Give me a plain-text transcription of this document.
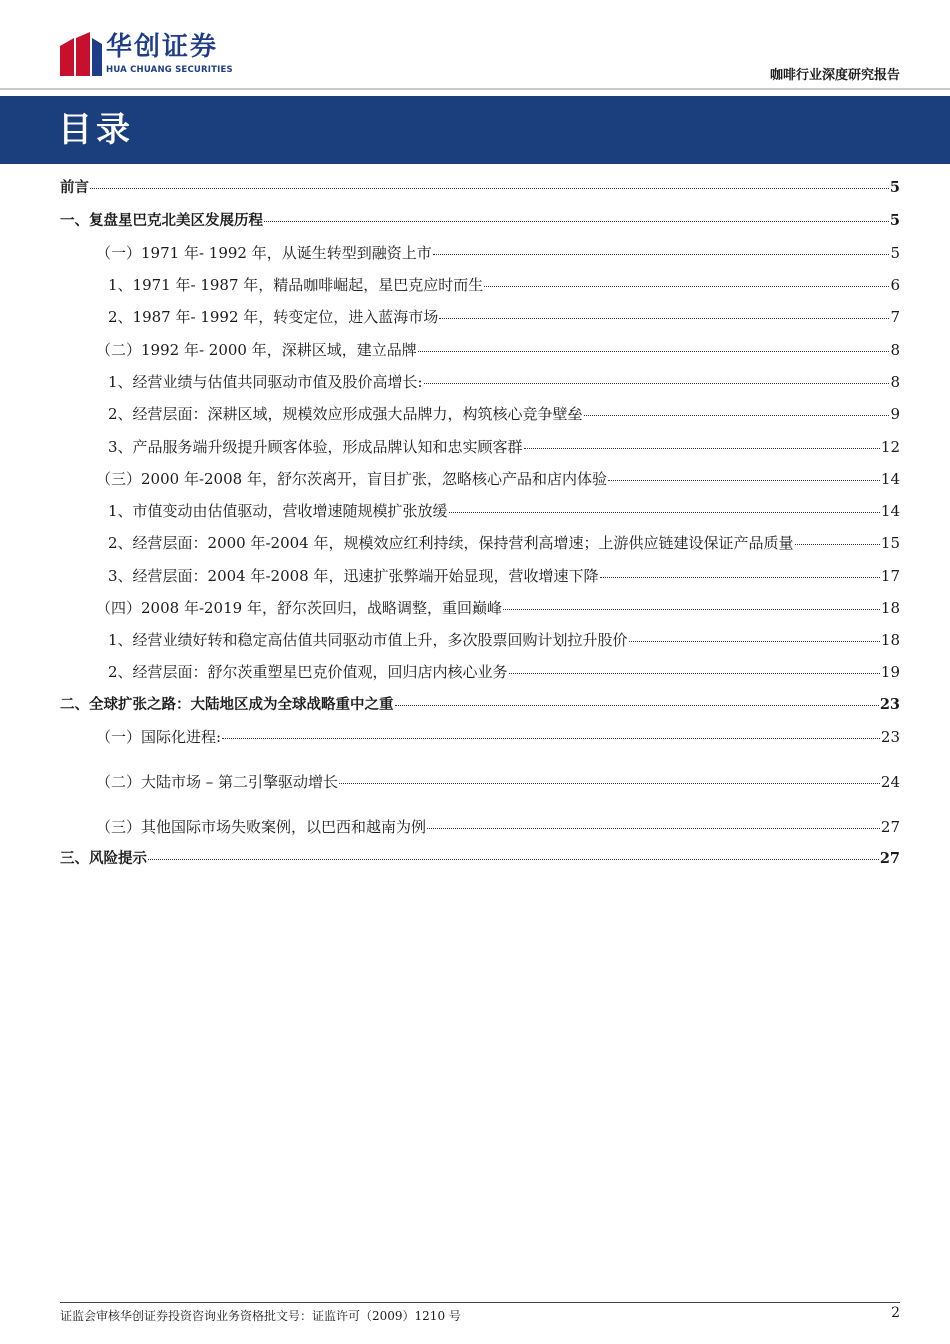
华创证券
HUA CHUANG SECURITIES	咖啡行业深度研究报告
目录
前言	5
一、复盘星巴克北美区发展历程	5
（一）1971 年- 1992 年，从诞生转型到融资上市	5
1、1971 年- 1987 年，精品咖啡崛起，星巴克应时而生	6
2、1987 年- 1992 年，转变定位，进入蓝海市场	7
（二）1992 年- 2000 年，深耕区域，建立品牌	8
1、经营业绩与估值共同驱动市值及股价高增长:	8
2、经营层面：深耕区域，规模效应形成强大品牌力，构筑核心竞争壁垒	9
3、产品服务端升级提升顾客体验，形成品牌认知和忠实顾客群	12
（三）2000 年-2008 年，舒尔茨离开，盲目扩张，忽略核心产品和店内体验	14
1、市值变动由估值驱动，营收增速随规模扩张放缓	14
2、经营层面：2000 年-2004 年，规模效应红利持续，保持营利高增速；上游供应链建设保证产品质量	15
3、经营层面：2004 年-2008 年，迅速扩张弊端开始显现，营收增速下降	17
（四）2008 年-2019 年，舒尔茨回归，战略调整，重回巅峰	18
1、经营业绩好转和稳定高估值共同驱动市值上升，多次股票回购计划拉升股价	18
2、经营层面：舒尔茨重塑星巴克价值观，回归店内核心业务	19
二、全球扩张之路：大陆地区成为全球战略重中之重	23
（一）国际化进程:	23
（二）大陆市场 – 第二引擎驱动增长	24
（三）其他国际市场失败案例，以巴西和越南为例	27
三、风险提示	27
证监会审核华创证券投资咨询业务资格批文号：证监许可（2009）1210 号	2
